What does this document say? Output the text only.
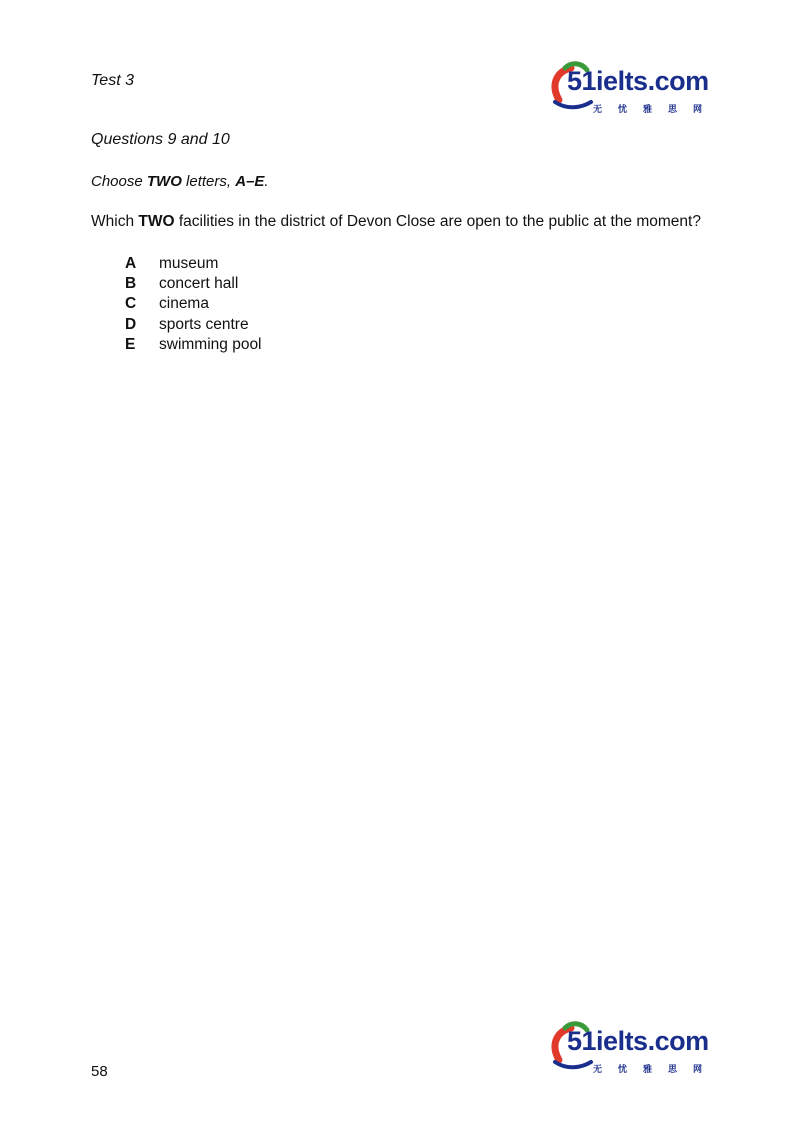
Test 3	51ielts.com
无忧雅思网
Questions 9 and 10
Choose TWO letters, A–E.
Which TWO facilities in the district of Devon Close are open to the public at the moment?
A	museum
B	concert hall
C	cinema
D	sports centre
E	swimming pool
58
51ielts.com
无忧雅思网
